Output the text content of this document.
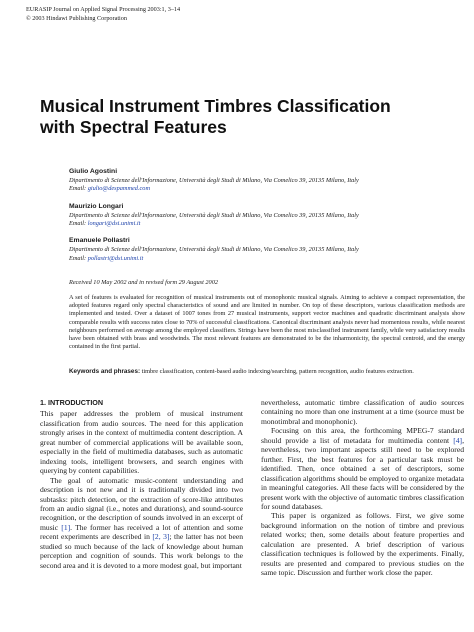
EURASIP Journal on Applied Signal Processing 2003:1, 3–14
© 2003 Hindawi Publishing Corporation
Musical Instrument Timbres Classification
with Spectral Features
Giulio Agostini
Dipartimento di Scienze dell'Informazione, Università degli Studi di Milano, Via Comelico 39, 20135 Milano, Italy
Email: giulio@despammed.com
Maurizio Longari
Dipartimento di Scienze dell'Informazione, Università degli Studi di Milano, Via Comelico 39, 20135 Milano, Italy
Email: longari@dsi.unimi.it
Emanuele Pollastri
Dipartimento di Scienze dell'Informazione, Università degli Studi di Milano, Via Comelico 39, 20135 Milano, Italy
Email: pollastri@dsi.unimi.it
Received 10 May 2002 and in revised form 29 August 2002
A set of features is evaluated for recognition of musical instruments out of monophonic musical signals. Aiming to achieve a compact representation, the adopted features regard only spectral characteristics of sound and are limited in number. On top of these descriptors, various classification methods are implemented and tested. Over a dataset of 1007 tones from 27 musical instruments, support vector machines and quadratic discriminant analysis show comparable results with success rates close to 70% of successful classifications. Canonical discriminant analysis never had momentous results, while nearest neighbours performed on average among the employed classifiers. Strings have been the most misclassified instrument family, while very satisfactory results have been obtained with brass and woodwinds. The most relevant features are demonstrated to be the inharmonicity, the spectral centroid, and the energy contained in the first partial.
Keywords and phrases: timbre classification, content-based audio indexing/searching, pattern recognition, audio features extraction.
1. INTRODUCTION

This paper addresses the problem of musical instrument classification from audio sources. The need for this application strongly arises in the context of multimedia content description. A great number of commercial applications will be available soon, especially in the field of multimedia databases, such as automatic indexing tools, intelligent browsers, and search engines with querying by content capabilities.

The goal of automatic music-content understanding and description is not new and it is traditionally divided into two subtasks: pitch detection, or the extraction of score-like attributes from an audio signal (i.e., notes and durations), and sound-source recognition, or the description of sounds involved in an excerpt of music [1]. The former has received a lot of attention and some recent experiments are described in [2, 3]; the latter has not been studied so much because of the lack of knowledge about human perception and cognition of sounds. This work belongs to the second area and it is devoted to a more modest goal, but important

nevertheless, automatic timbre classification of audio sources containing no more than one instrument at a time (source must be monotimbral and monophonic).

Focusing on this area, the forthcoming MPEG-7 standard should provide a list of metadata for multimedia content [4], nevertheless, two important aspects still need to be explored further. First, the best features for a particular task must be identified. Then, once obtained a set of descriptors, some classification algorithms should be employed to organize metadata in meaningful categories. All these facts will be considered by the present work with the objective of automatic timbres classification for sound databases.

This paper is organized as follows. First, we give some background information on the notion of timbre and previous related works; then, some details about feature properties and calculation are presented. A brief description of various classification techniques is followed by the experiments. Finally, results are presented and compared to previous studies on the same topic. Discussion and further work close the paper.
